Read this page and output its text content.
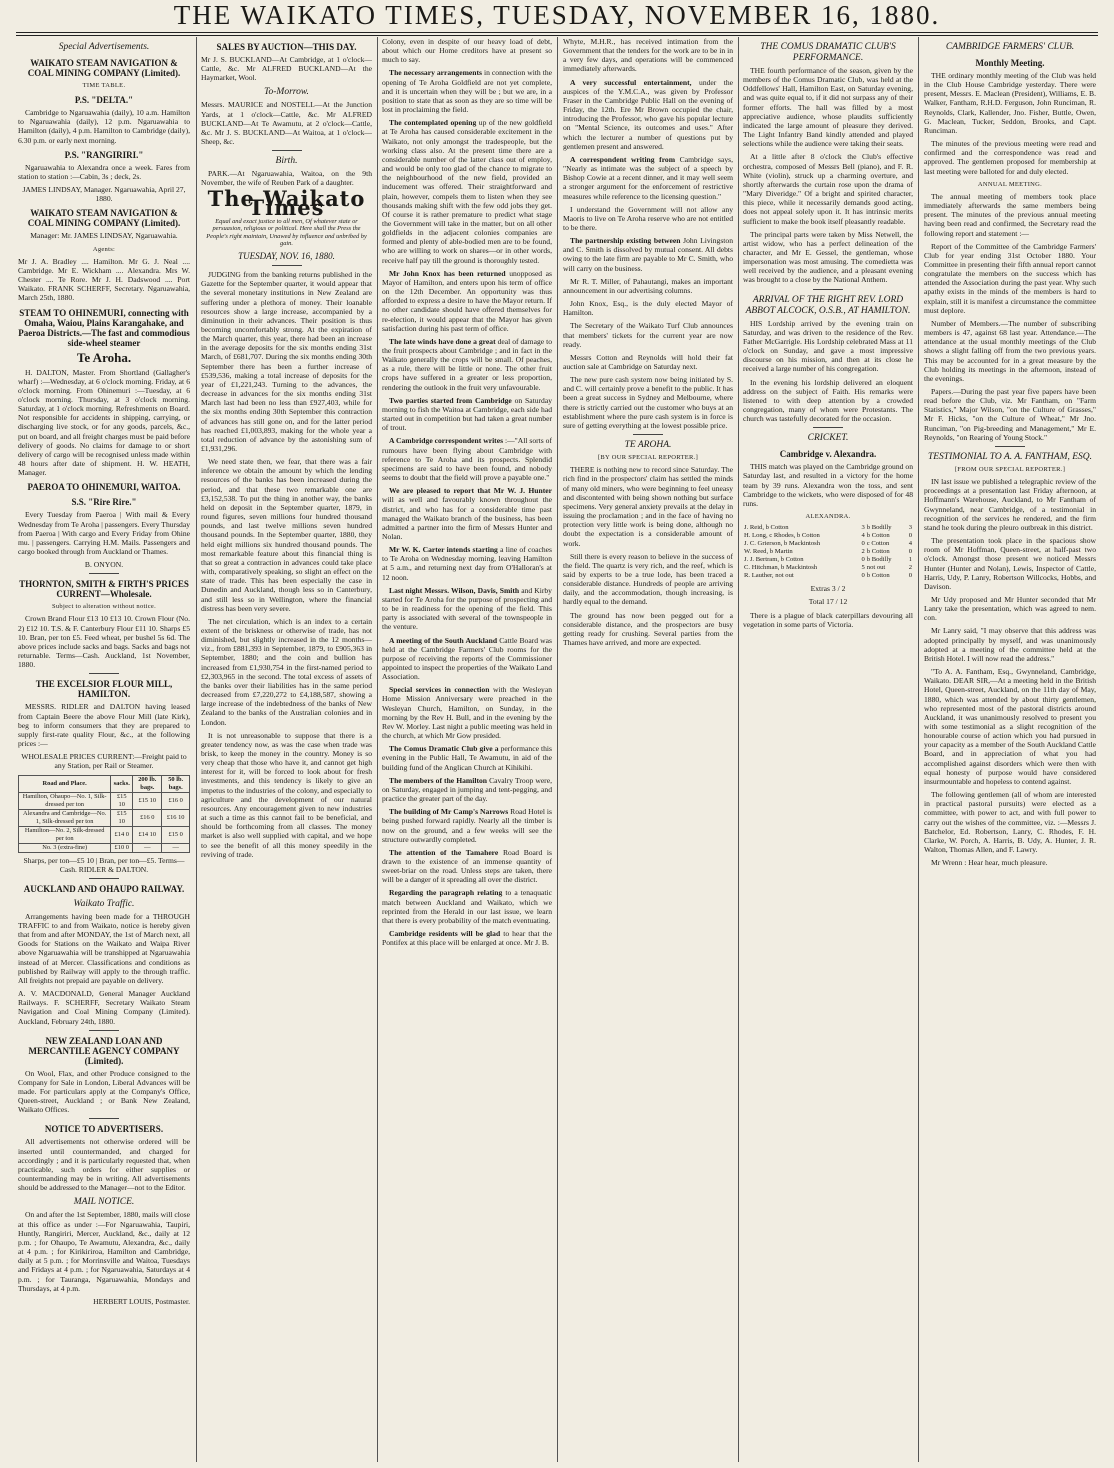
THE WAIKATO TIMES, TUESDAY, NOVEMBER 16, 1880.
Special Advertisements.
WAIKATO STEAM NAVIGATION & COAL MINING COMPANY (Limited).
TIME TABLE.
P.S. "DELTA."

Cambridge to Ngaruawahia (daily), 10 a.m. Hamilton to Ngaruawahia (daily), 12 p.m. Ngaruawahia to Hamilton (daily), 4 p.m. Hamilton to Cambridge (daily), 6.30 p.m. or early next morning.

P.S. "RANGIRIRI."

Ngaruawahia to Alexandra once a week. Fares from station to station :—Cabin, 3s ; deck, 2s.

JAMES LINDSAY, Manager. Ngaruawahia, April 27, 1880.

WAIKATO STEAM NAVIGATION & COAL MINING COMPANY (Limited).

Manager: Mr. JAMES LINDSAY, Ngaruawahia.

Agents:

Mr J. A. Bradley .... Hamilton. Mr G. J. Neal .... Cambridge. Mr E. Wickham .... Alexandra. Mrs W. Chester .... Te Rore. Mr J. H. Dadswood .... Port Waikato. FRANK SCHERFF, Secretary. Ngaruawahia, March 25th, 1880.

STEAM TO OHINEMURI, connecting with Omaha, Waiou, Plains Karangahake, and Paeroa Districts.—The fast and commodious side-wheel steamer
Te Aroha.

H. DALTON, Master. From Shortland (Gallagher's wharf) :—Wednesday, at 6 o'clock morning. Friday, at 6 o'clock morning. From Ohinemuri :—Tuesday, at 6 o'clock morning. Thursday, at 3 o'clock morning. Saturday, at 1 o'clock morning. Refreshments on Board. Not responsible for accidents in shipping, carrying, or discharging live stock, or for any goods, parcels, &c., put on board, and all freight charges must be paid before delivery of goods. No claims for damage to or short delivery of cargo will be recognised unless made within 48 hours after date of shipment. H. W. HEATH, Manager.

PAEROA TO OHINEMURI, WAITOA.
S.S. "Rire Rire."

Every Tuesday from Paeroa | With mail & Every Wednesday from Te Aroha | passengers. Every Thursday from Paeroa | With cargo and Every Friday from Ohine mu. | passengers. Carrying H.M. Mails. Passengers and cargo booked through from Auckland or Thames.

B. ONYON.

THORNTON, SMITH & FIRTH'S PRICES CURRENT—Wholesale.
Subject to alteration without notice.

Crown Brand Flour £13 10 £13 10. Crown Flour (No. 2) £12 10. T.S. & F. Canterbury Flour £11 10. Sharps £5 10. Bran, per ton £5. Feed wheat, per bushel 5s 6d. The above prices include sacks and bags. Sacks and bags not returnable. Terms—Cash. Auckland, 1st November, 1880.

THE EXCELSIOR FLOUR MILL, HAMILTON.

MESSRS. RIDLER and DALTON having leased from Captain Beere the above Flour Mill (late Kirk), beg to inform consumers that they are prepared to supply first-rate quality Flour, &c., at the following prices :—

WHOLESALE PRICES CURRENT:—Freight paid to any Station, per Rail or Steamer.

Road and Place.	sacks.	200 lb. bags.	50 lb. bags.
Hamilton, Ohaupo—No. 1, Silk-dressed per ton	£15 10	£15 10	£16 0
Alexandra and Cambridge—No. 1, Silk-dressed per ton	£15 10	£16 0	£16 10
Hamilton—No. 2, Silk-dressed per ton	£14 0	£14 10	£15 0
No. 3 (extra-fine)	£10 0	—	—

Sharps, per ton—£5 10 | Bran, per ton—£5. Terms—Cash. RIDLER & DALTON.

AUCKLAND AND OHAUPO RAILWAY.
Waikato Traffic.

Arrangements having been made for a THROUGH TRAFFIC to and from Waikato, notice is hereby given that from and after MONDAY, the 1st of March next, all Goods for Stations on the Waikato and Waipa River above Ngaruawahia will be transhipped at Ngaruawahia instead of at Mercer. Classifications and conditions as published by Railway will apply to the through traffic. All freights not prepaid are payable on delivery.

A. V. MACDONALD, General Manager Auckland Railways. F. SCHERFF, Secretary Waikato Steam Navigation and Coal Mining Company (Limited). Auckland, February 24th, 1880.

NEW ZEALAND LOAN AND MERCANTILE AGENCY COMPANY (Limited).

On Wool, Flax, and other Produce consigned to the Company for Sale in London, Liberal Advances will be made. For particulars apply at the Company's Office, Queen-street, Auckland ; or Bank New Zealand, Waikato Offices.

NOTICE TO ADVERTISERS.

All advertisements not otherwise ordered will be inserted until countermanded, and charged for accordingly ; and it is particularly requested that, when practicable, such orders for either supplies or countermanding may be in writing. All advertisements should be addressed to the Manager—not to the Editor.

MAIL NOTICE.

On and after the 1st September, 1880, mails will close at this office as under :—For Ngaruawahia, Taupiri, Huntly, Rangiriri, Mercer, Auckland, &c., daily at 12 p.m. ; for Ohaupo, Te Awamutu, Alexandra, &c., daily at 4 p.m. ; for Kirikiriroa, Hamilton and Cambridge, daily at 5 p.m. ; for Morrinsville and Waitoa, Tuesdays and Fridays at 4 p.m. ; for Ngaruawahia, Saturdays at 4 p.m. ; for Tauranga, Ngaruawahia, Mondays and Thursdays, at 4 p.m.

HERBERT LOUIS, Postmaster.

SALES BY AUCTION—THIS DAY.

Mr J. S. BUCKLAND—At Cambridge, at 1 o'clock—Cattle, &c. Mr ALFRED BUCKLAND—At the Haymarket, Wool.

To-Morrow.

Messrs. MAURICE and NOSTELL—At the Junction Yards, at 1 o'clock—Cattle, &c. Mr ALFRED BUCKLAND—At Te Awamutu, at 2 o'clock—Cattle, &c. Mr J. S. BUCKLAND—At Waitoa, at 1 o'clock—Sheep, &c.

Birth.

PARK.—At Ngaruawahia, Waitoa, on the 9th November, the wife of Reuben Park of a daughter.

The Waikato Times

Equal and exact justice to all men, Of whatever state or persuasion, religious or political. Here shall the Press the People's right maintain, Unawed by influence and unbribed by gain.

TUESDAY, NOV. 16, 1880.

JUDGING from the banking returns published in the Gazette for the September quarter, it would appear that the several monetary institutions in New Zealand are suffering under a plethora of money. Their loanable resources show a large increase, accompanied by a diminution in their advances. Their position is thus becoming uncomfortably strong. At the expiration of the March quarter, this year, there had been an increase in the average deposits for the six months ending 31st March, of £681,707. During the six months ending 30th September there has been a further increase of £539,536, making a total increase of deposits for the year of £1,221,243. Turning to the advances, the decrease in advances for the six months ending 31st March last had been no less than £927,403, while for the six months ending 30th September this contraction of advances has still gone on, and for the latter period has reached £1,003,893, making for the whole year a total reduction of advance by the astonishing sum of £1,931,296.

We need state then, we fear, that there was a fair inference we obtain the amount by which the lending resources of the banks has been increased during the period, and that these two remarkable one are £3,152,538. To put the thing in another way, the banks held on deposit in the September quarter, 1879, in round figures, seven millions four hundred thousand pounds, and last twelve millions seven hundred thousand pounds. In the September quarter, 1880, they held eight millions six hundred thousand pounds. The most remarkable feature about this financial thing is that so great a contraction in advances could take place with, comparatively speaking, so slight an effect on the state of trade. This has been especially the case in Dunedin and Auckland, though less so in Canterbury, and still less so in Wellington, where the financial distress has been very severe.

The net circulation, which is an index to a certain extent of the briskness or otherwise of trade, has not diminished, but slightly increased in the 12 months—viz., from £881,393 in September, 1879, to £905,363 in September, 1880; and the coin and bullion has increased from £1,930,754 in the first-named period to £2,303,965 in the second. The total excess of assets of the banks over their liabilities has in the same period decreased from £7,220,272 to £4,188,587, showing a large increase of the indebtedness of the banks of New Zealand to the banks of the Australian colonies and in London.

It is not unreasonable to suppose that there is a greater tendency now, as was the case when trade was brisk, to keep the money in the country. Money is so very cheap that those who have it, and cannot get high interest for it, will be forced to look about for fresh investments, and this tendency is likely to give an impetus to the industries of the colony, and especially to agriculture and the development of our natural resources. Any encouragement given to new industries at such a time as this cannot fail to be beneficial, and should be forthcoming from all classes. The money market is also well supplied with capital, and we hope to see the benefit of all this money speedily in the reviving of trade.

Colony, even in despite of our heavy load of debt, about which our Home creditors have at present so much to say.

The necessary arrangements in connection with the opening of Te Aroha Goldfield are not yet complete, and it is uncertain when they will be ; but we are, in a position to state that as soon as they are so time will be lost in proclaiming the field.

The contemplated opening up of the new goldfield at Te Aroha has caused considerable excitement in the Waikato, not only amongst the tradespeople, but the working class also. At the present time there are a considerable number of the latter class out of employ, and would be only too glad of the chance to migrate to the neighbourhood of the new field, provided an inducement was offered. Their straightforward and plain, however, compels them to listen when they see thousands making shift with the few odd jobs they get. Of course it is rather premature to predict what stage the Government will take in the matter, but on all other goldfields in the adjacent colonies companies are formed and plenty of able-bodied men are to be found, who are willing to work on shares—or in other words, receive half pay till the ground is thoroughly tested.

Mr John Knox has been returned unopposed as Mayor of Hamilton, and enters upon his term of office on the 12th December. An opportunity was thus afforded to express a desire to have the Mayor return. If no other candidate should have offered themselves for re-election, it would appear that the Mayor has given satisfaction during his past term of office.

The late winds have done a great deal of damage to the fruit prospects about Cambridge ; and in fact in the Waikato generally the crops will be small. Of peaches, as a rule, there will be little or none. The other fruit crops have suffered in a greater or less proportion, rendering the outlook in the fruit very unfavourable.

Two parties started from Cambridge on Saturday morning to fish the Waitoa at Cambridge, each side had started out in competition but had taken a great number of trout.

A Cambridge correspondent writes :—"All sorts of rumours have been flying about Cambridge with reference to Te Aroha and its prospects. Splendid specimens are said to have been found, and nobody seems to doubt that the field will prove a payable one."

We are pleased to report that Mr W. J. Hunter will as well and favourably known throughout the district, and who has for a considerable time past managed the Waikato branch of the business, has been admitted a partner into the firm of Messrs Hunter and Nolan.

Mr W. K. Carter intends starting a line of coaches to Te Aroha on Wednesday morning, leaving Hamilton at 5 a.m., and returning next day from O'Halloran's at 12 noon.

Last night Messrs. Wilson, Davis, Smith and Kirby started for Te Aroha for the purpose of prospecting and to be in readiness for the opening of the field. This party is associated with several of the townspeople in the venture.

A meeting of the South Auckland Cattle Board was held at the Cambridge Farmers' Club rooms for the purpose of receiving the reports of the Commissioner appointed to inspect the properties of the Waikato Land Association.

Special services in connection with the Wesleyan Home Mission Anniversary were preached in the Wesleyan Church, Hamilton, on Sunday, in the morning by the Rev H. Bull, and in the evening by the Rev W. Morley. Last night a public meeting was held in the church, at which Mr Gow presided.

The Comus Dramatic Club give a performance this evening in the Public Hall, Te Awamutu, in aid of the building fund of the Anglican Church at Kihikihi.

The members of the Hamilton Cavalry Troop were, on Saturday, engaged in jumping and tent-pegging, and practice the greater part of the day.

The building of Mr Camp's Narrows Road Hotel is being pushed forward rapidly. Nearly all the timber is now on the ground, and a few weeks will see the structure outwardly completed.

The attention of the Tamahere Road Board is drawn to the existence of an immense quantity of sweet-briar on the road. Unless steps are taken, there will be a danger of it spreading all over the district.

Regarding the paragraph relating to a tenaquatic match between Auckland and Waikato, which we reprinted from the Herald in our last issue, we learn that there is every probability of the match eventuating.

Cambridge residents will be glad to hear that the Pontifex at this place will be enlarged at once. Mr J. B.

Whyte, M.H.R., has received intimation from the Government that the tenders for the work are to be in in a very few days, and operations will be commenced immediately afterwards.

A very successful entertainment, under the auspices of the Y.M.C.A., was given by Professor Fraser in the Cambridge Public Hall on the evening of Friday, the 12th. Ere Mr Brown occupied the chair, introducing the Professor, who gave his popular lecture on "Mental Science, its outcomes and uses." After which the lecturer a number of questions put by gentlemen present and answered.

A correspondent writing from Cambridge says, "Nearly as intimate was the subject of a speech by Bishop Cowie at a recent dinner, and it may well seem a stronger argument for the enforcement of restrictive measures while reference to the licensing question."

I understand the Government will not allow any Maoris to live on Te Aroha reserve who are not entitled to be there.

The partnership existing between John Livingston and C. Smith is dissolved by mutual consent. All debts owing to the late firm are payable to Mr C. Smith, who will carry on the business.

Mr R. T. Miller, of Pahautangi, makes an important announcement in our advertising columns.

John Knox, Esq., is the duly elected Mayor of Hamilton.

The Secretary of the Waikato Turf Club announces that members' tickets for the current year are now ready.

Messrs Cotton and Reynolds will hold their fat auction sale at Cambridge on Saturday next.

The new pure cash system now being initiated by S. and C. will certainly prove a benefit to the public. It has been a great success in Sydney and Melbourne, where there is strictly carried out the customer who buys at an establishment where the pure cash system is in force is sure of getting everything at the lowest possible price.

TE AROHA.
[BY OUR SPECIAL REPORTER.]

THERE is nothing new to record since Saturday. The rich find in the prospectors' claim has settled the minds of many old miners, who were beginning to feel uneasy and discontented with being shown nothing but surface specimens. Very general anxiety prevails at the delay in issuing the proclamation ; and in the face of having no protection very little work is being done, although no doubt the expectation is a considerable amount of work.

Still there is every reason to believe in the success of the field. The quartz is very rich, and the reef, which is said by experts to be a true lode, has been traced a considerable distance. Hundreds of people are arriving daily, and the accommodation, though increasing, is hardly equal to the demand.

The ground has now been pegged out for a considerable distance, and the prospectors are busy getting ready for crushing. Several parties from the Thames have arrived, and more are expected.

THE COMUS DRAMATIC CLUB'S PERFORMANCE.

THE fourth performance of the season, given by the members of the Comus Dramatic Club, was held at the Oddfellows' Hall, Hamilton East, on Saturday evening, and was quite equal to, if it did not surpass any of their former efforts. The hall was filled by a most appreciative audience, whose plaudits sufficiently indicated the large amount of pleasure they derived. The Light Infantry Band kindly attended and played selections while the audience were taking their seats.

At a little after 8 o'clock the Club's effective orchestra, composed of Messrs Bell (piano), and F. R. White (violin), struck up a charming overture, and shortly afterwards the curtain rose upon the drama of "Mary Diveridge." Of a bright and spirited character, this piece, while it necessarily demands good acting, does not appeal solely upon it. It has intrinsic merits sufficient to make the book itself pleasantly readable.

The principal parts were taken by Miss Netwell, the artist widow, who has a perfect delineation of the character, and Mr E. Gessel, the gentleman, whose impersonation was most amusing. The comedietta was well received by the audience, and a pleasant evening was brought to a close by the National Anthem.

ARRIVAL OF THE RIGHT REV. LORD ABBOT ALCOCK, O.S.B., AT HAMILTON.

HIS Lordship arrived by the evening train on Saturday, and was driven to the residence of the Rev. Father McGarrigle. His Lordship celebrated Mass at 11 o'clock on Sunday, and gave a most impressive discourse on his mission, and then at its close he received a large number of his congregation.

In the evening his lordship delivered an eloquent address on the subject of Faith. His remarks were listened to with deep attention by a crowded congregation, many of whom were Protestants. The church was tastefully decorated for the occasion.

CRICKET.
Cambridge v. Alexandra.

THIS match was played on the Cambridge ground on Saturday last, and resulted in a victory for the home team by 39 runs. Alexandra won the toss, and sent Cambridge to the wickets, who were disposed of for 48 runs.

ALEXANDRA.
J. Reid, b Cotton	3	b Bodilly	3
H. Long, c Rhodes, b Cotton	4	b Cotton	0
J. C. Grierson, b Mackintosh	0	c Cotton	4
W. Reed, b Martin	2	b Cotton	0
J. J. Bertram, b Cotton	0	b Bodilly	1
C. Hitchman, b Mackintosh	5	not out	2
R. Lauther, not out	0	b Cotton	0

Extras 3 / 2

Total 17 / 12

There is a plague of black caterpillars devouring all vegetation in some parts of Victoria.

CAMBRIDGE FARMERS' CLUB.
Monthly Meeting.

THE ordinary monthly meeting of the Club was held in the Club House Cambridge yesterday. There were present, Messrs. E. Maclean (President), Williams, E. B. Walker, Fantham, R.H.D. Ferguson, John Runciman, R. Reynolds, Clark, Kallender, Jno. Fisher, Buttle, Owen, G. Maclean, Tucker, Seddon, Brooks, and Capt. Runciman.

The minutes of the previous meeting were read and confirmed and the correspondence was read and approved. The gentlemen proposed for membership at last meeting were balloted for and duly elected.

ANNUAL MEETING.

The annual meeting of members took place immediately afterwards the same members being present. The minutes of the previous annual meeting having been read and confirmed, the Secretary read the following report and statement :—

Report of the Committee of the Cambridge Farmers' Club for year ending 31st October 1880. Your Committee in presenting their fifth annual report cannot congratulate the members on the success which has attended the Association during the past year. Why such apathy exists in the minds of the members is hard to explain, still it is manifest a circumstance the committee must deplore.

Number of Members.—The number of subscribing members is 47, against 68 last year. Attendance.—The attendance at the usual monthly meetings of the Club shows a slight falling off from the two previous years. This may be accounted for in a great measure by the Club holding its meetings in the afternoon, instead of the evenings.

Papers.—During the past year five papers have been read before the Club, viz. Mr Fantham, on "Farm Statistics," Major Wilson, "on the Culture of Grasses," Mr F. Hicks, "on the Culture of Wheat," Mr Jno. Runciman, "on Pig-breeding and Management," Mr E. Reynolds, "on Rearing of Young Stock."

TESTIMONIAL TO A. A. FANTHAM, ESQ.
[FROM OUR SPECIAL REPORTER.]

IN last issue we published a telegraphic review of the proceedings at a presentation last Friday afternoon, at Hoffmann's Warehouse, Auckland, to Mr Fantham of Gwynneland, near Cambridge, of a testimonial in recognition of the services he rendered, and the firm stand he took during the pleuro outbreak in this district.

The presentation took place in the spacious show room of Mr Hoffman, Queen-street, at half-past two o'clock. Amongst those present we noticed Messrs Hunter (Hunter and Nolan), Lewis, Inspector of Cattle, Harris, Udy, P. Lanry, Robertson Willcocks, Hobbs, and Davison.

Mr Udy proposed and Mr Hunter seconded that Mr Lanry take the presentation, which was agreed to nem. con.

Mr Lanry said, "I may observe that this address was adopted principally by myself, and was unanimously adopted at a meeting of the committee held at the British Hotel. I will now read the address."

"To A. A. Fantham, Esq., Gwynneland, Cambridge, Waikato. DEAR SIR,—At a meeting held in the British Hotel, Queen-street, Auckland, on the 11th day of May, 1880, which was attended by about thirty gentlemen, who represented most of the pastoral districts around Auckland, it was unanimously resolved to present you with some testimonial as a slight recognition of the honourable course of action which you had pursued in your capacity as a member of the South Auckland Cattle Board, and in appreciation of what you had accomplished against disorders which were then with equal honesty of purpose would have considered insurmountable and hopeless to contend against.

The following gentlemen (all of whom are interested in practical pastoral pursuits) were elected as a committee, with power to act, and with full power to carry out the wishes of the committee, viz. :—Messrs J. Batchelor, Ed. Robertson, Lanry, C. Rhodes, F. H. Clarke, W. Porch, A. Harris, B. Udy, A. Hunter, J. R. Walton, Thomas Allen, and F. Lawry.

Mr Wrenn : Hear hear, much pleasure.
